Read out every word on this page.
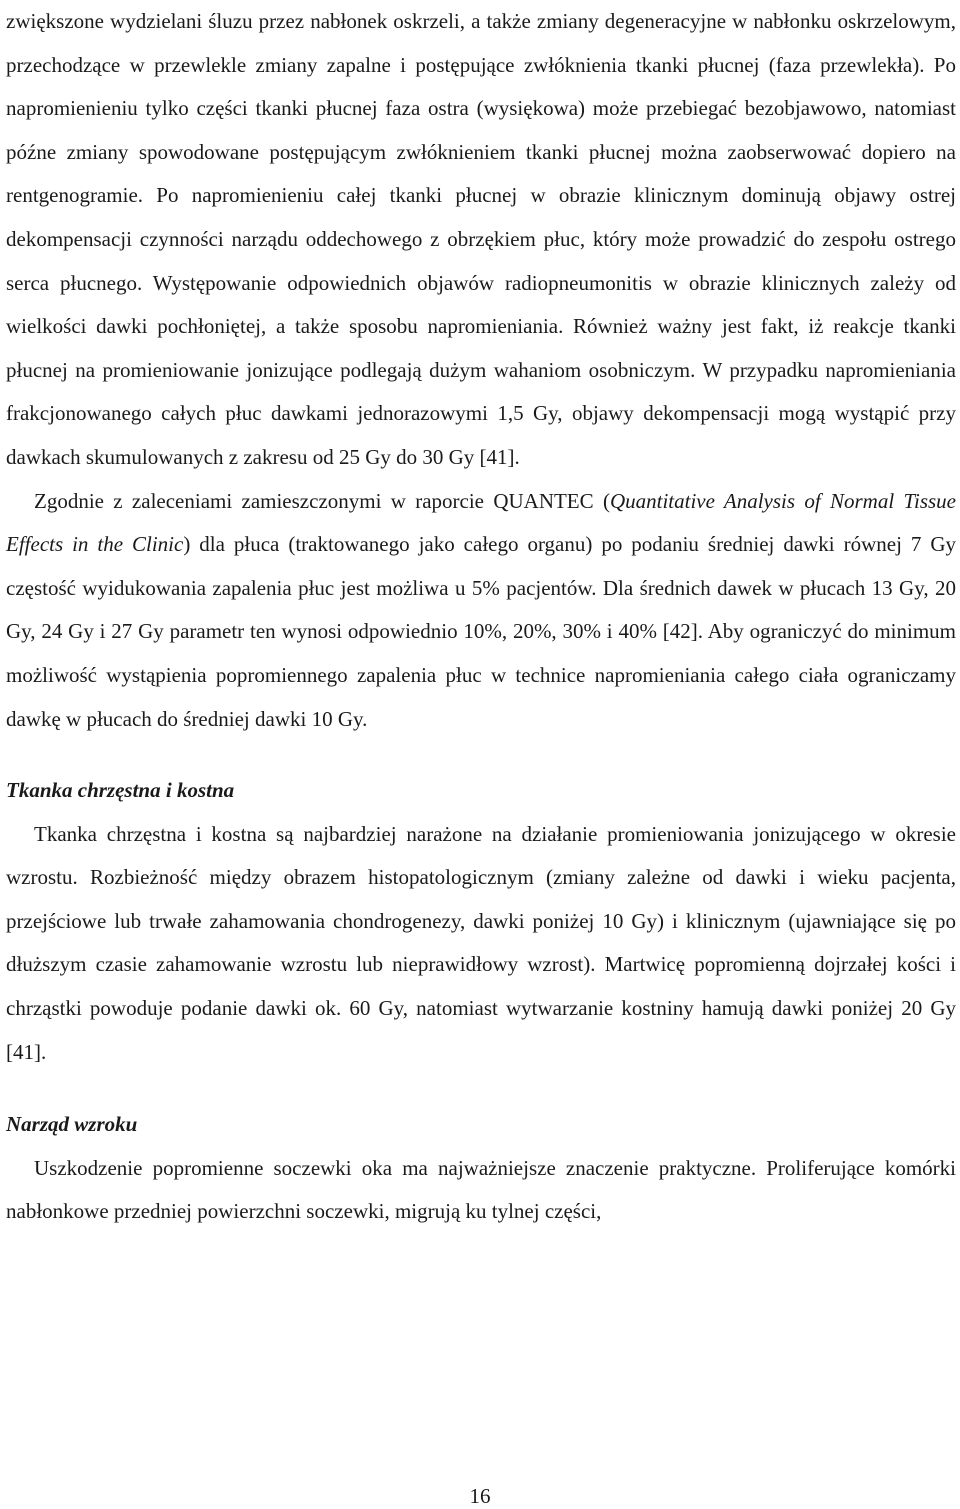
zwiększone wydzielani śluzu przez nabłonek oskrzeli, a także zmiany degeneracyjne w nabłonku oskrzelowym, przechodzące w przewlekle zmiany zapalne i postępujące zwłóknienia tkanki płucnej (faza przewlekła). Po napromienieniu tylko części tkanki płucnej faza ostra (wysiękowa) może przebiegać bezobjawowo, natomiast późne zmiany spowodowane postępującym zwłóknieniem tkanki płucnej można zaobserwować dopiero na rentgenogramie. Po napromienieniu całej tkanki płucnej w obrazie klinicznym dominują objawy ostrej dekompensacji czynności narządu oddechowego z obrzękiem płuc, który może prowadzić do zespołu ostrego serca płucnego. Występowanie odpowiednich objawów radiopneumonitis w obrazie klinicznych zależy od wielkości dawki pochłoniętej, a także sposobu napromieniania. Również ważny jest fakt, iż reakcje tkanki płucnej na promieniowanie jonizujące podlegają dużym wahaniom osobniczym. W przypadku napromieniania frakcjonowanego całych płuc dawkami jednorazowymi 1,5 Gy, objawy dekompensacji mogą wystąpić przy dawkach skumulowanych z zakresu od 25 Gy do 30 Gy [41].

Zgodnie z zaleceniami zamieszczonymi w raporcie QUANTEC (Quantitative Analysis of Normal Tissue Effects in the Clinic) dla płuca (traktowanego jako całego organu) po podaniu średniej dawki równej 7 Gy częstość wyidukowania zapalenia płuc jest możliwa u 5% pacjentów. Dla średnich dawek w płucach 13 Gy, 20 Gy, 24 Gy i 27 Gy parametr ten wynosi odpowiednio 10%, 20%, 30% i 40% [42]. Aby ograniczyć do minimum możliwość wystąpienia popromiennego zapalenia płuc w technice napromieniania całego ciała ograniczamy dawkę w płucach do średniej dawki 10 Gy.

Tkanka chrzęstna i kostna

Tkanka chrzęstna i kostna są najbardziej narażone na działanie promieniowania jonizującego w okresie wzrostu. Rozbieżność między obrazem histopatologicznym (zmiany zależne od dawki i wieku pacjenta, przejściowe lub trwałe zahamowania chondrogenezy, dawki poniżej 10 Gy) i klinicznym (ujawniające się po dłuższym czasie zahamowanie wzrostu lub nieprawidłowy wzrost). Martwicę popromienną dojrzałej kości i chrząstki powoduje podanie dawki ok. 60 Gy, natomiast wytwarzanie kostniny hamują dawki poniżej 20 Gy [41].

Narząd wzroku

Uszkodzenie popromienne soczewki oka ma najważniejsze znaczenie praktyczne. Proliferujące komórki nabłonkowe przedniej powierzchni soczewki, migrują ku tylnej części,

16
